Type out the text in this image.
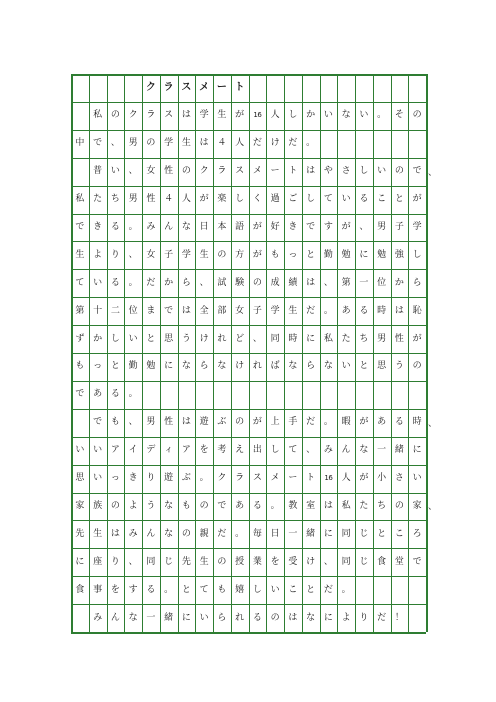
ク ラ ス メ ー ト
私 の ク ラ ス は 学 生 が	16	人 し か い な い 。 そ の
中 で 、 男 の 学 生 は ４ 人 だ け だ 。
普 い 、 女 性 の ク ラ ス メ ー ト は や さ し い の で
私 た ち 男 性 ４ 人 が 楽 し く 過 ご し て い る こ と が
で き る 。 み ん な 日 本 語 が 好 き で す が 、 男 子 学
生 よ り 、 女 子 学 生 の 方 が も っ と 勤 勉 に 勉 強 し
て い る 。 だ か ら 、 試 験 の 成 績 は 、 第 一 位 か ら
第 十 二 位 ま で は 全 部 女 子 学 生 だ 。 あ る 時 は 恥
ず か し い と 思 う け れ ど 、 同 時 に 私 た ち 男 性 が
も っ と 勤 勉 に な ら な け れ ば な ら な い と 思 う の
で あ る 。
で も 、 男 性 は 遊 ぶ の が 上 手 だ 。 暇 が あ る 時
い い ア イ デ ィ ア を 考 え 出 し て 、 み ん な 一 緒 に
思 い っ き り 遊 ぶ 。 ク ラ ス メ ー ト	16	人 が 小 さ い
家 族 の よ う な も の で あ る 。 教 室 は 私 た ち の 家
先 生 は み ん な の 親 だ 。 毎 日 一 緒 に 同 じ と こ ろ
に 座 り 、 同 じ 先 生 の 授 業 を 受 け 、 同 じ 食 堂 で
食 事 を す る 。 と て も 嬉 し い こ と だ 。
み ん な 一 緒 に い ら れ る の は な に よ り だ ！
、
、
、
